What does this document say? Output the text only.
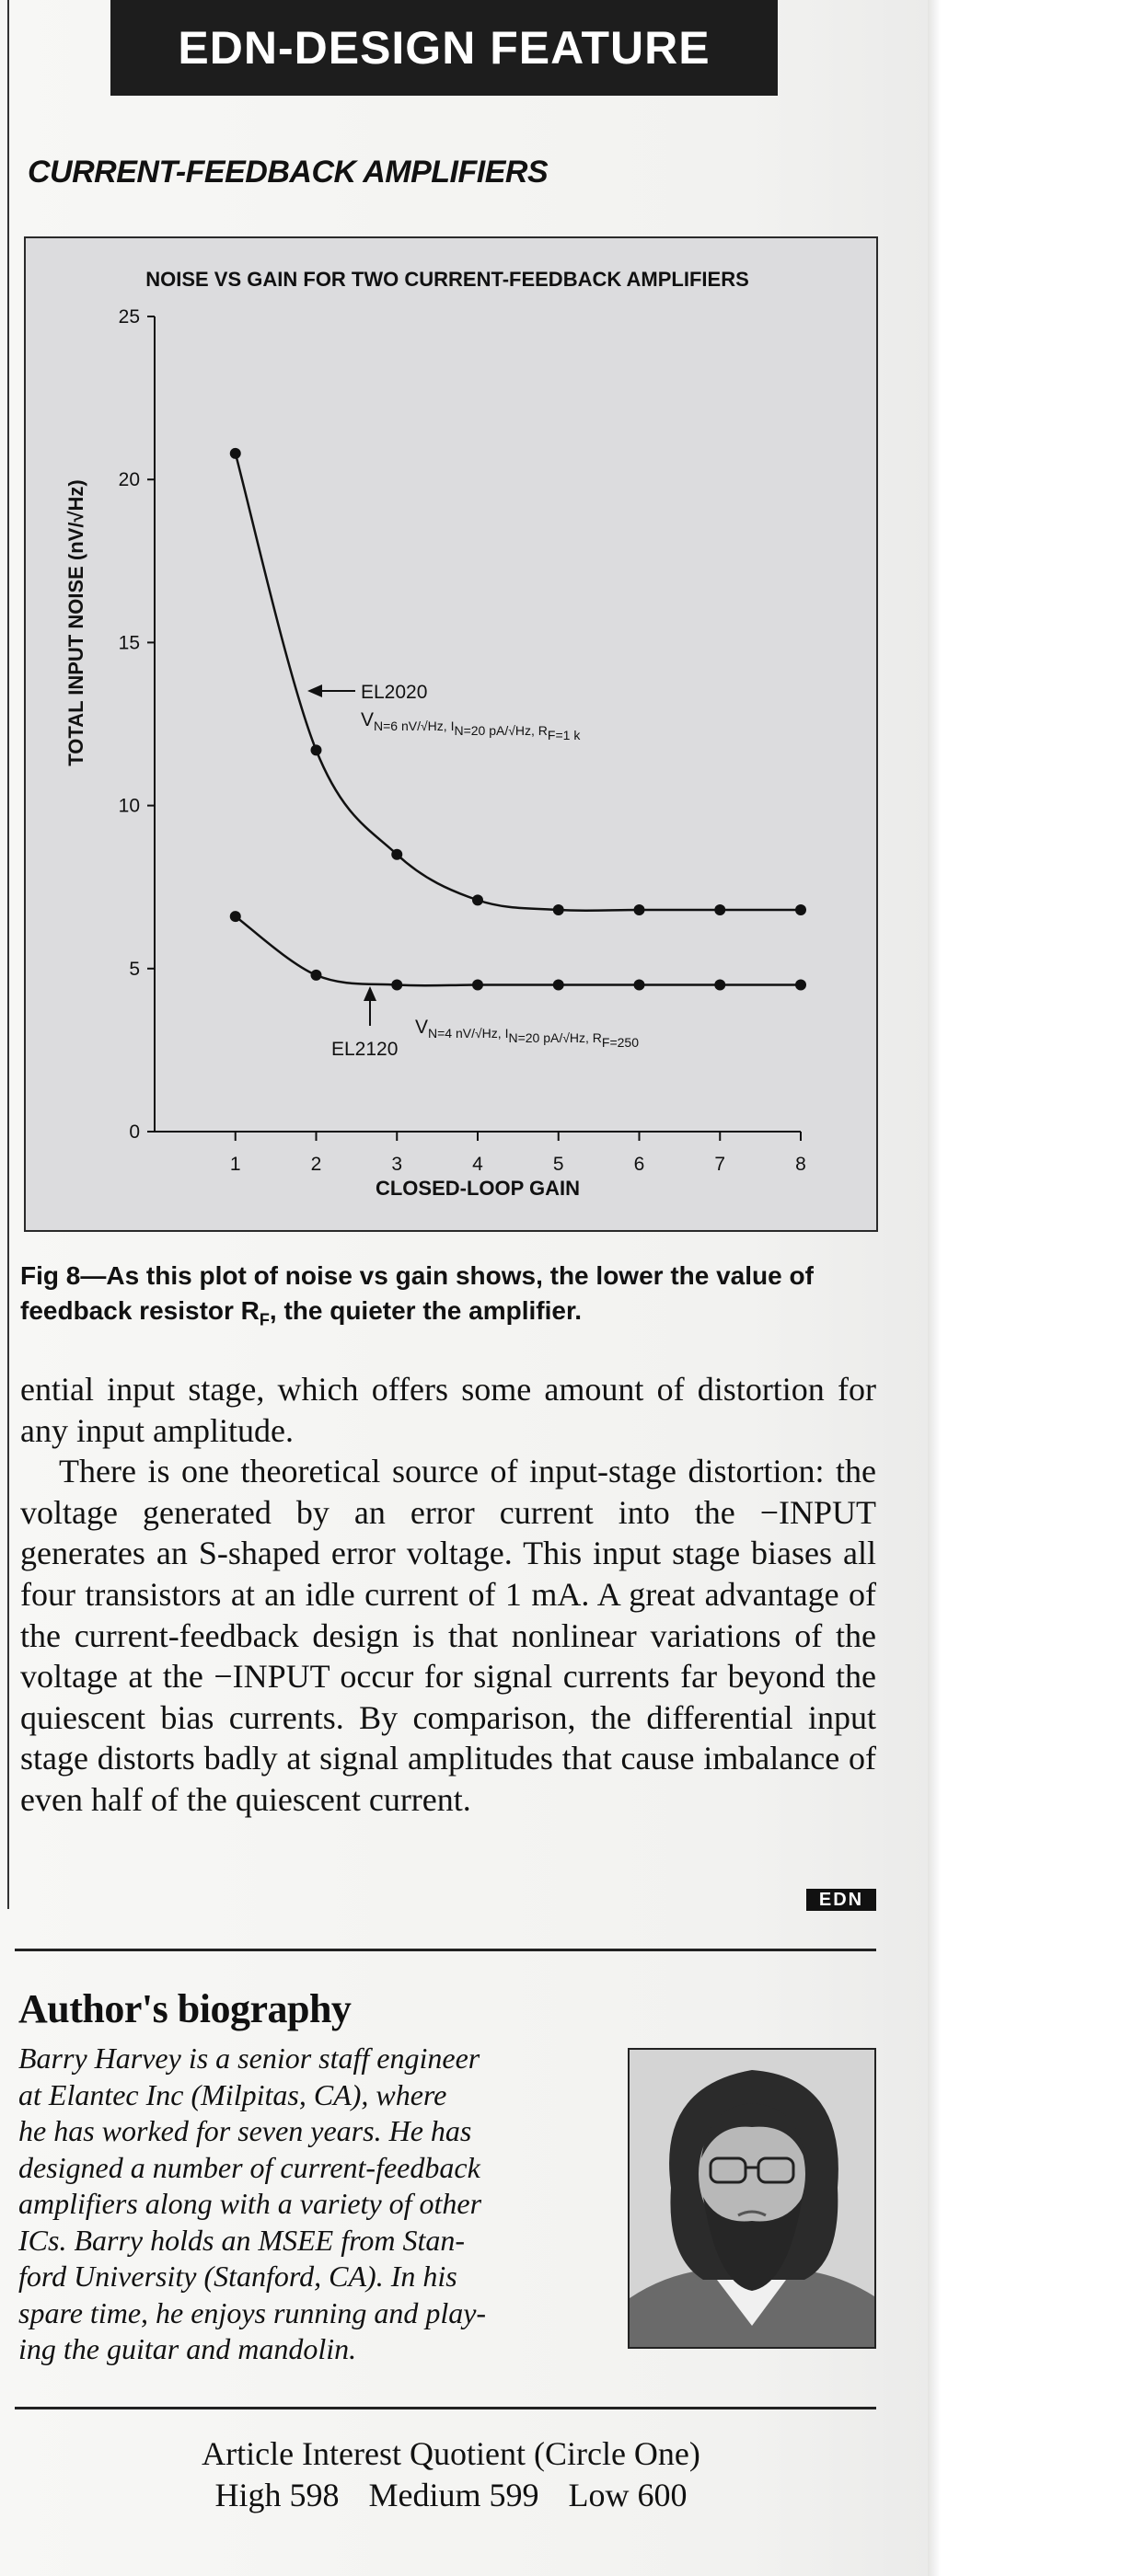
EDN-DESIGN FEATURE
CURRENT-FEEDBACK AMPLIFIERS
NOISE VS GAIN FOR TWO CURRENT-FEEDBACK AMPLIFIERS
TOTAL INPUT NOISE (nV/√Hz)
CLOSED-LOOP GAIN
0
5
10
15
20
25
1	2	3	4	5	6	7	8
EL2020
$V_{N=6 nV/√Hz, IN=20 pA/√Hz, RF=1 k}$
EL2120
$V_{N=4 nV/√Hz, IN=20 pA/√Hz, RF=250}$
Fig 8—As this plot of noise vs gain shows, the lower the value of feedback resistor $R_F$, the quieter the amplifier.

ential input stage, which offers some amount of distortion for any input amplitude.

There is one theoretical source of input-stage distortion: the voltage generated by an error current into the −INPUT generates an S-shaped error voltage. This input stage biases all four transistors at an idle current of 1 mA. A great advantage of the current-feedback design is that nonlinear variations of the voltage at the −INPUT occur for signal currents far beyond the quiescent bias currents. By comparison, the differential input stage distorts badly at signal amplitudes that cause imbalance of even half of the quiescent current.

EDN
Author's biography
Barry Harvey is a senior staff engineer
at Elantec Inc (Milpitas, CA), where
he has worked for seven years. He has
designed a number of current-feedback
amplifiers along with a variety of other
ICs. Barry holds an MSEE from Stan-
ford University (Stanford, CA). In his
spare time, he enjoys running and play-
ing the guitar and mandolin.
Article Interest Quotient (Circle One)
High 598 Medium 599 Low 600
